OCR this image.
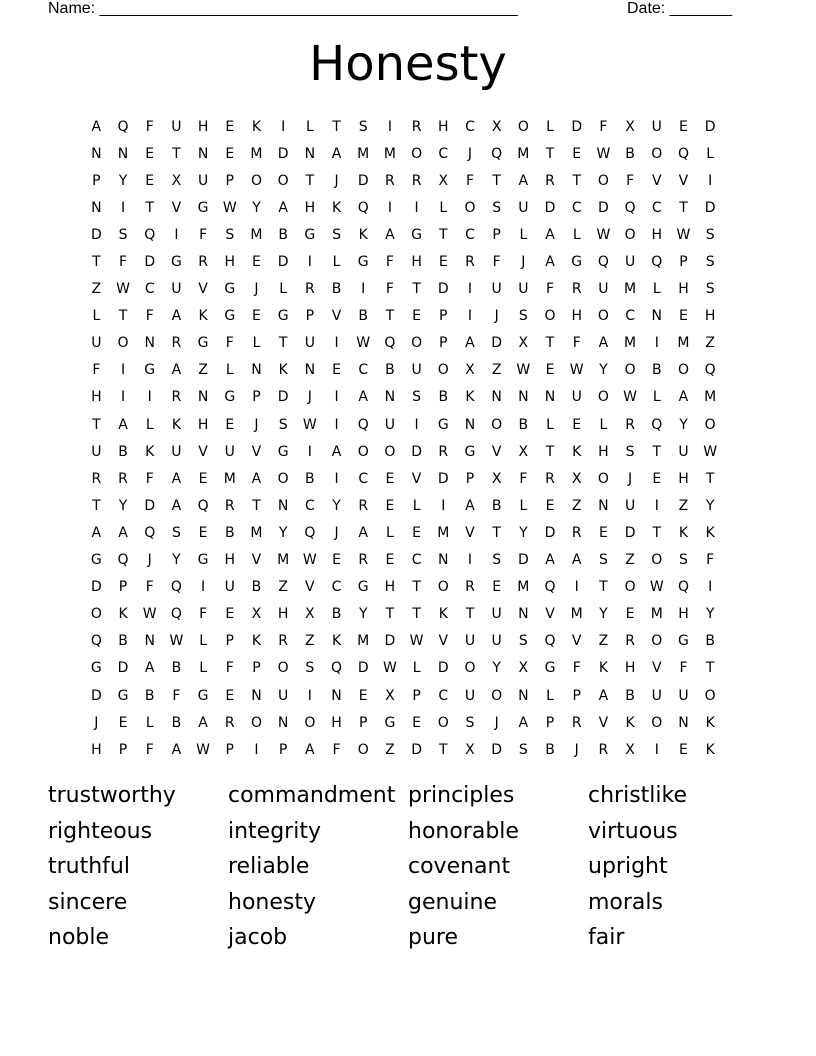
Name: _______________________________________________	Date: _______
Honesty
A	Q	F	U	H	E	K	I	L	T	S	I	R	H	C	X	O	L	D	F	X	U	E	D
N	N	E	T	N	E	M	D	N	A	M	M	O	C	J	Q	M	T	E	W	B	O	Q	L
P	Y	E	X	U	P	O	O	T	J	D	R	R	X	F	T	A	R	T	O	F	V	V	I
N	I	T	V	G	W	Y	A	H	K	Q	I	I	L	O	S	U	D	C	D	Q	C	T	D
D	S	Q	I	F	S	M	B	G	S	K	A	G	T	C	P	L	A	L	W	O	H	W	S
T	F	D	G	R	H	E	D	I	L	G	F	H	E	R	F	J	A	G	Q	U	Q	P	S
Z	W	C	U	V	G	J	L	R	B	I	F	T	D	I	U	U	F	R	U	M	L	H	S
L	T	F	A	K	G	E	G	P	V	B	T	E	P	I	J	S	O	H	O	C	N	E	H
U	O	N	R	G	F	L	T	U	I	W	Q	O	P	A	D	X	T	F	A	M	I	M	Z
F	I	G	A	Z	L	N	K	N	E	C	B	U	O	X	Z	W	E	W	Y	O	B	O	Q
H	I	I	R	N	G	P	D	J	I	A	N	S	B	K	N	N	N	U	O	W	L	A	M
T	A	L	K	H	E	J	S	W	I	Q	U	I	G	N	O	B	L	E	L	R	Q	Y	O
U	B	K	U	V	U	V	G	I	A	O	O	D	R	G	V	X	T	K	H	S	T	U	W
R	R	F	A	E	M	A	O	B	I	C	E	V	D	P	X	F	R	X	O	J	E	H	T
T	Y	D	A	Q	R	T	N	C	Y	R	E	L	I	A	B	L	E	Z	N	U	I	Z	Y
A	A	Q	S	E	B	M	Y	Q	J	A	L	E	M	V	T	Y	D	R	E	D	T	K	K
G	Q	J	Y	G	H	V	M W	E	R	E	C	N	I	S	D	A	A	S	Z	O	S	F
D	P	F	Q	I	U	B	Z	V	C	G	H	T	O	R	E	M	Q	I	T	O	W	Q	I
O	K	W	Q	F	E	X	H	X	B	Y	T	T	K	T	U	N	V	M	Y	E	M	H	Y
Q	B	N	W	L	P	K	R	Z	K	M	D	W	V	U	U	S	Q	V	Z	R	O	G	B
G	D	A	B	L	F	P	O	S	Q	D	W	L	D	O	Y	X	G	F	K	H	V	F	T
D	G	B	F	G	E	N	U	I	N	E	X	P	C	U	O	N	L	P	A	B	U	U	O
J	E	L	B	A	R	O	N	O	H	P	G	E	O	S	J	A	P	R	V	K	O	N	K
H	P	F	A	W	P	I	P	A	F	O	Z	D	T	X	D	S	B	J	R	X	I	E	K
trustworthy	commandment principles	christlike
righteous	integrity	honorable	virtuous
truthful	reliable	covenant	upright
sincere	honesty	genuine	morals
noble	jacob	pure	fair
